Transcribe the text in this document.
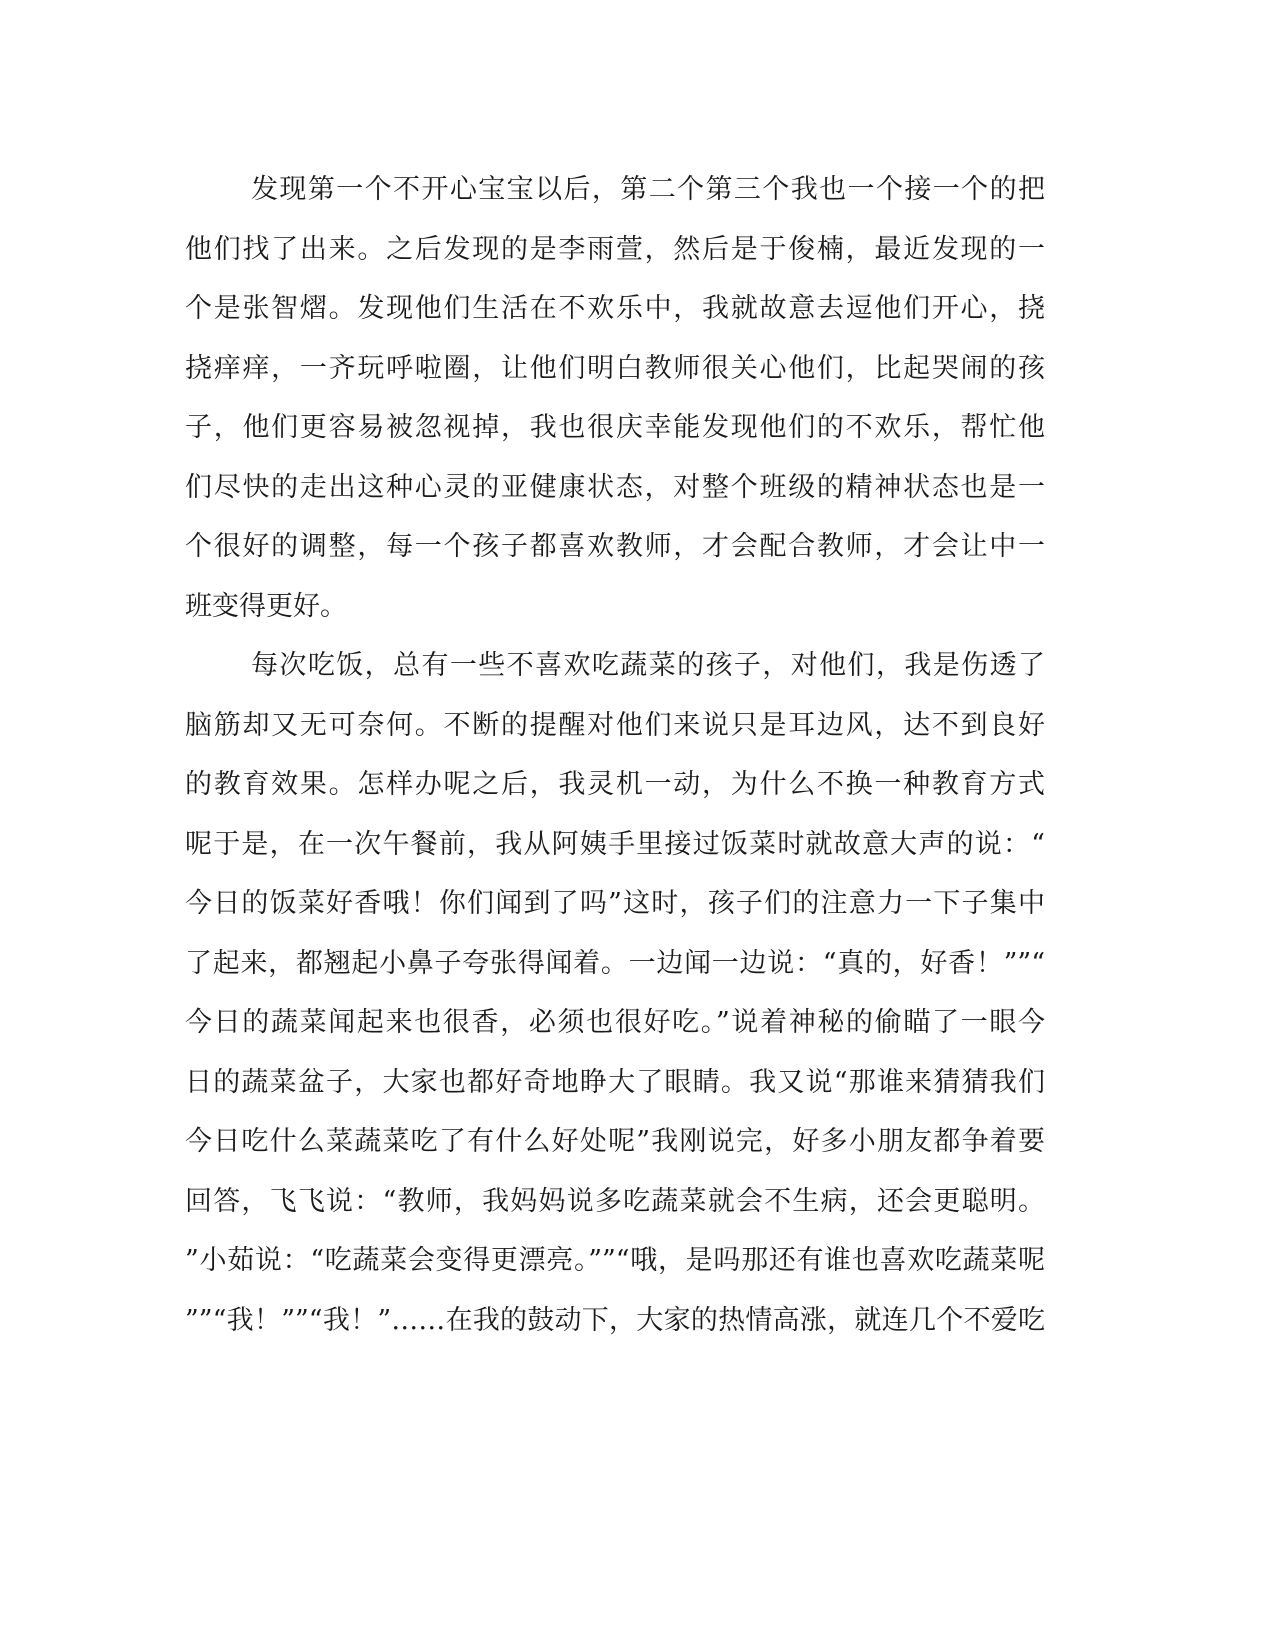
发现第一个不开心宝宝以后，第二个第三个我也一个接一个的把
他们找了出来。之后发现的是李雨萱，然后是于俊楠，最近发现的一
个是张智熠。发现他们生活在不欢乐中，我就故意去逗他们开心，挠
挠痒痒，一齐玩呼啦圈，让他们明白教师很关心他们，比起哭闹的孩
子，他们更容易被忽视掉，我也很庆幸能发现他们的不欢乐，帮忙他
们尽快的走出这种心灵的亚健康状态，对整个班级的精神状态也是一
个很好的调整，每一个孩子都喜欢教师，才会配合教师，才会让中一
班变得更好。
每次吃饭，总有一些不喜欢吃蔬菜的孩子，对他们，我是伤透了
脑筋却又无可奈何。不断的提醒对他们来说只是耳边风，达不到良好
的教育效果。怎样办呢之后，我灵机一动，为什么不换一种教育方式
呢于是，在一次午餐前，我从阿姨手里接过饭菜时就故意大声的说：“
今日的饭菜好香哦！你们闻到了吗”这时，孩子们的注意力一下子集中
了起来，都翘起小鼻子夸张得闻着。一边闻一边说：“真的，好香！””“
今日的蔬菜闻起来也很香，必须也很好吃。”说着神秘的偷瞄了一眼今
日的蔬菜盆子，大家也都好奇地睁大了眼睛。我又说“那谁来猜猜我们
今日吃什么菜蔬菜吃了有什么好处呢”我刚说完，好多小朋友都争着要
回答，飞飞说：“教师，我妈妈说多吃蔬菜就会不生病，还会更聪明。
”小茹说：“吃蔬菜会变得更漂亮。””“哦，是吗那还有谁也喜欢吃蔬菜呢
””“我！””“我！”……在我的鼓动下，大家的热情高涨，就连几个不爱吃
